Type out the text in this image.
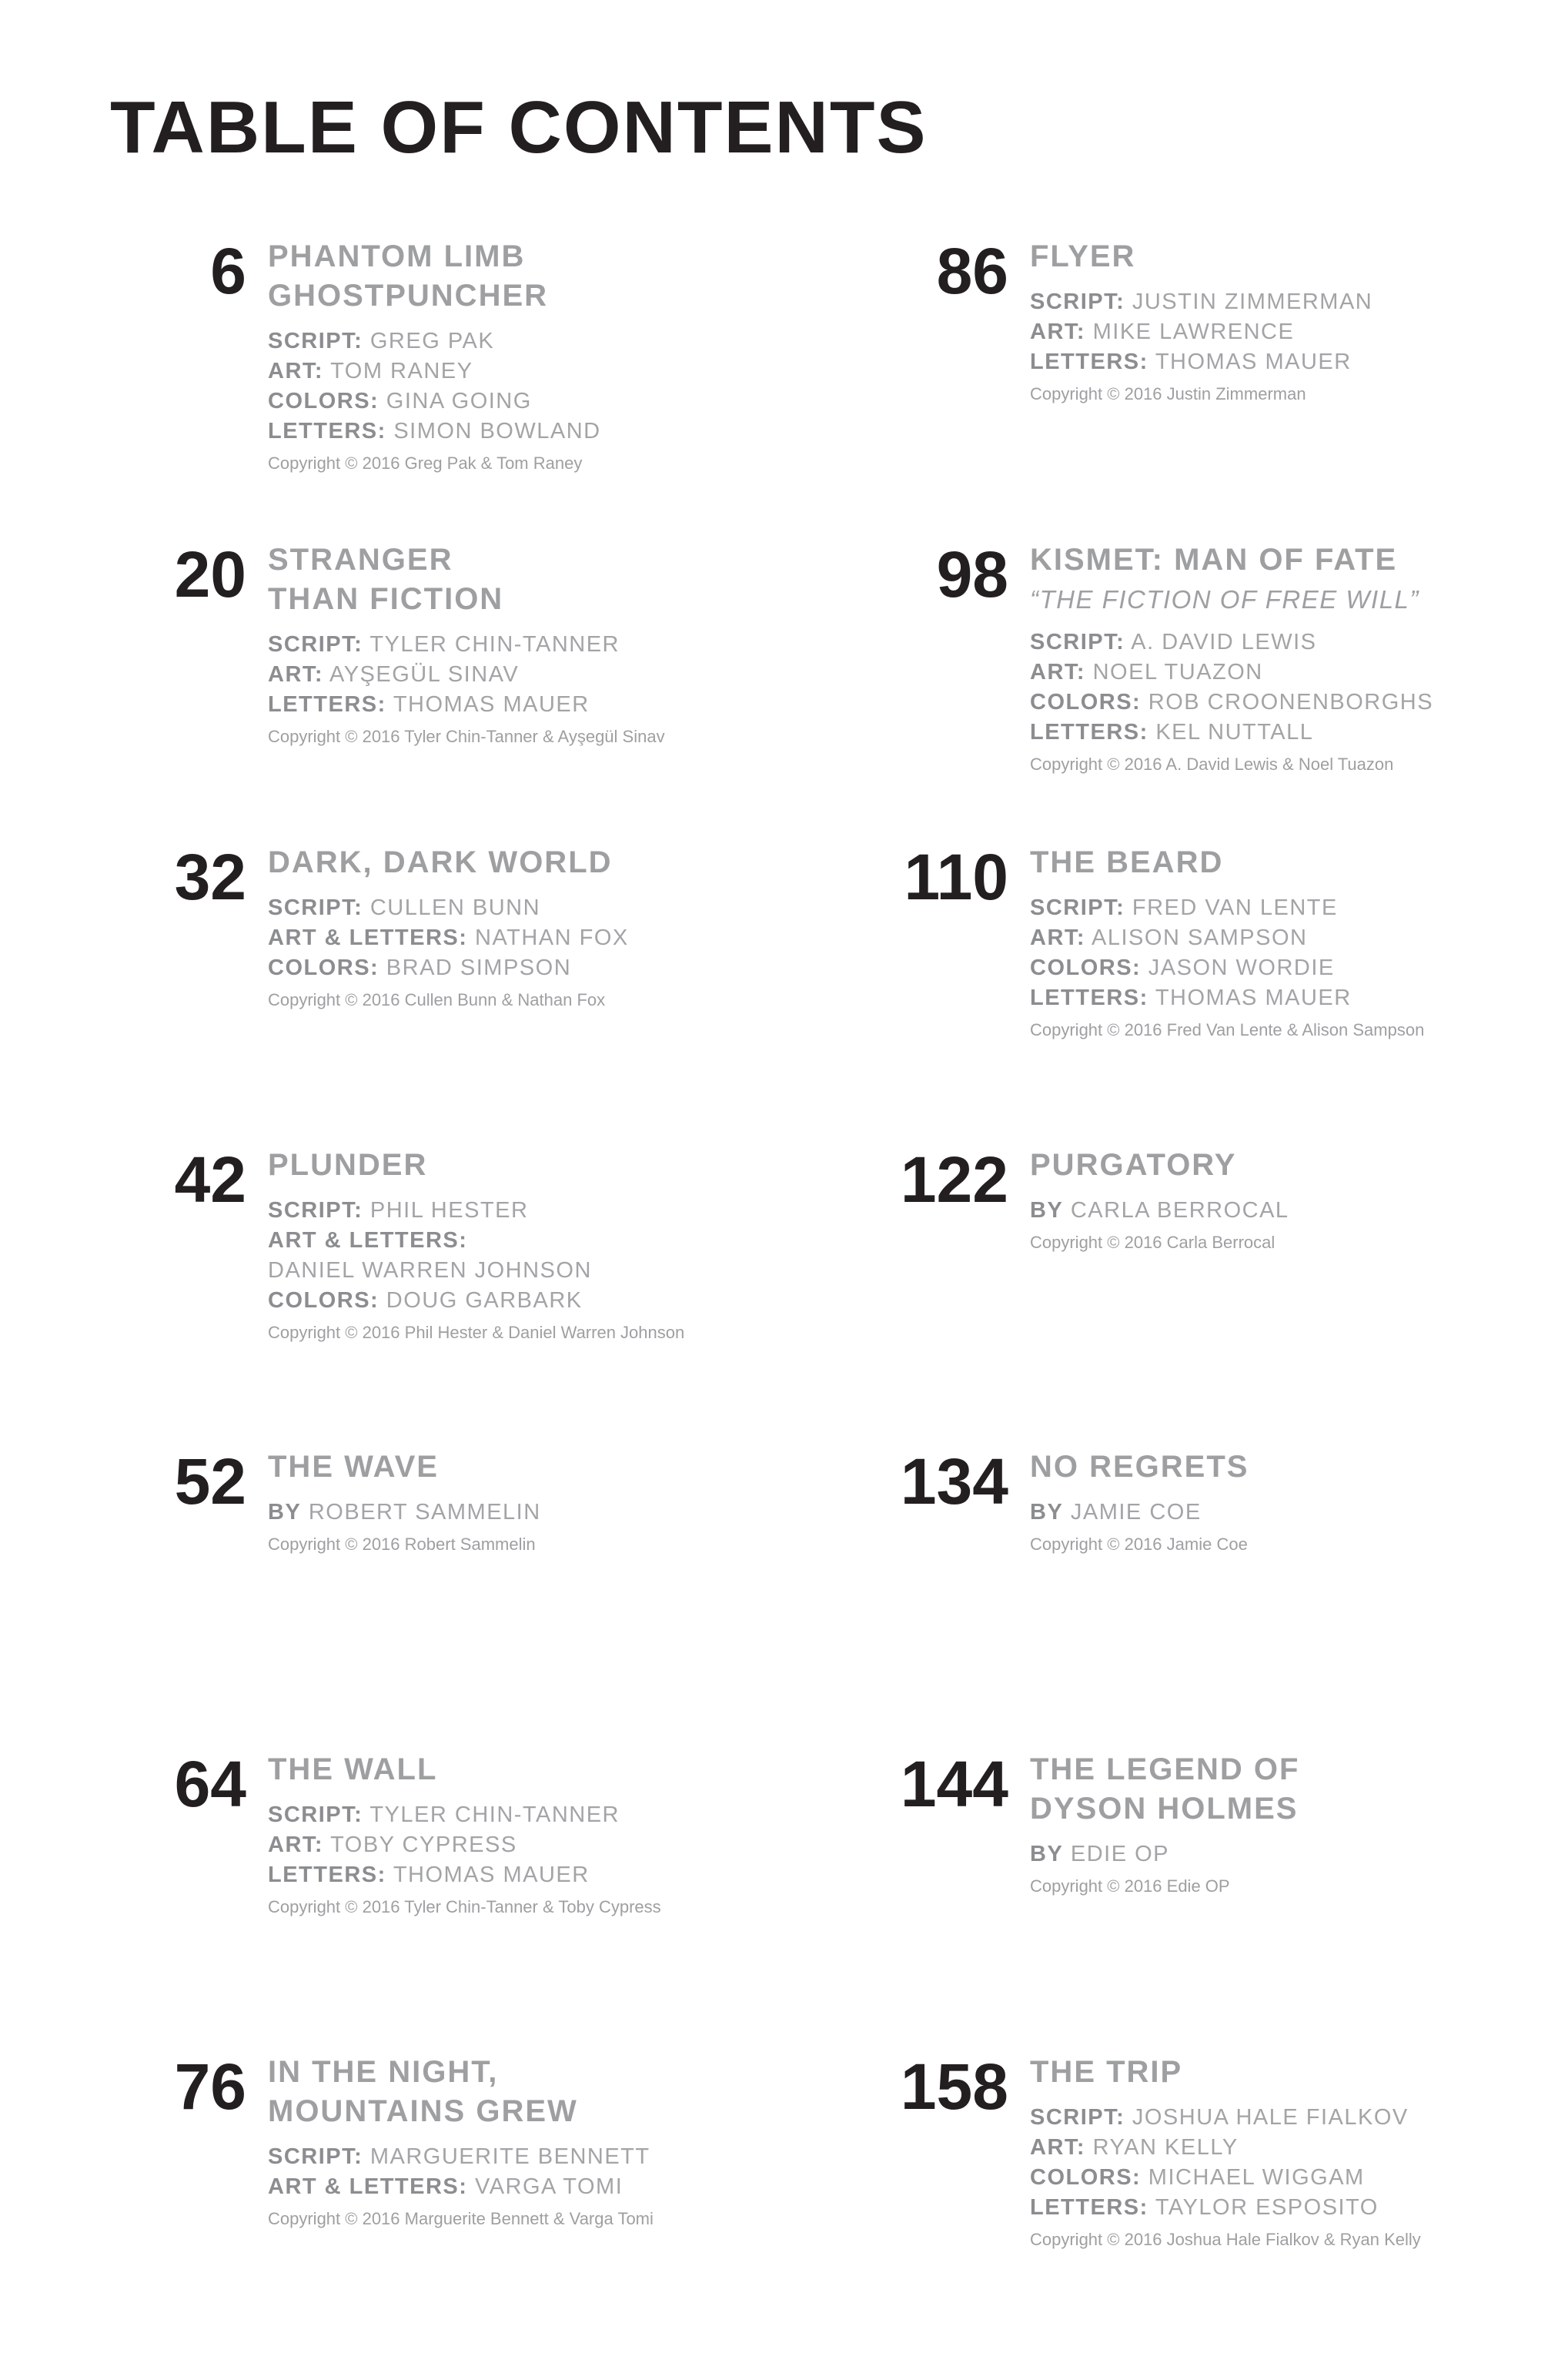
TABLE OF CONTENTS
6 PHANTOM LIMB
GHOSTPUNCHER
SCRIPT: GREG PAK
ART: TOM RANEY
COLORS: GINA GOING
LETTERS: SIMON BOWLAND
Copyright © 2016 Greg Pak & Tom Raney
20 STRANGER
THAN FICTION
SCRIPT: TYLER CHIN-TANNER
ART: AYŞEGÜL SINAV
LETTERS: THOMAS MAUER
Copyright © 2016 Tyler Chin-Tanner & Ayşegül Sinav
32 DARK, DARK WORLD
SCRIPT: CULLEN BUNN
ART & LETTERS: NATHAN FOX
COLORS: BRAD SIMPSON
Copyright © 2016 Cullen Bunn & Nathan Fox
42 PLUNDER
SCRIPT: PHIL HESTER
ART & LETTERS:
DANIEL WARREN JOHNSON
COLORS: DOUG GARBARK
Copyright © 2016 Phil Hester & Daniel Warren Johnson
52 THE WAVE
BY ROBERT SAMMELIN
Copyright © 2016 Robert Sammelin
64 THE WALL
SCRIPT: TYLER CHIN-TANNER
ART: TOBY CYPRESS
LETTERS: THOMAS MAUER
Copyright © 2016 Tyler Chin-Tanner & Toby Cypress
76 IN THE NIGHT,
MOUNTAINS GREW
SCRIPT: MARGUERITE BENNETT
ART & LETTERS: VARGA TOMI
Copyright © 2016 Marguerite Bennett & Varga Tomi
86 FLYER
SCRIPT: JUSTIN ZIMMERMAN
ART: MIKE LAWRENCE
LETTERS: THOMAS MAUER
Copyright © 2016 Justin Zimmerman
98 KISMET: MAN OF FATE
“THE FICTION OF FREE WILL”
SCRIPT: A. DAVID LEWIS
ART: NOEL TUAZON
COLORS: ROB CROONENBORGHS
LETTERS: KEL NUTTALL
Copyright © 2016 A. David Lewis & Noel Tuazon
110 THE BEARD
SCRIPT: FRED VAN LENTE
ART: ALISON SAMPSON
COLORS: JASON WORDIE
LETTERS: THOMAS MAUER
Copyright © 2016 Fred Van Lente & Alison Sampson
122 PURGATORY
BY CARLA BERROCAL
Copyright © 2016 Carla Berrocal
134 NO REGRETS
BY JAMIE COE
Copyright © 2016 Jamie Coe
144 THE LEGEND OF
DYSON HOLMES
BY EDIE OP
Copyright © 2016 Edie OP
158 THE TRIP
SCRIPT: JOSHUA HALE FIALKOV
ART: RYAN KELLY
COLORS: MICHAEL WIGGAM
LETTERS: TAYLOR ESPOSITO
Copyright © 2016 Joshua Hale Fialkov & Ryan Kelly
